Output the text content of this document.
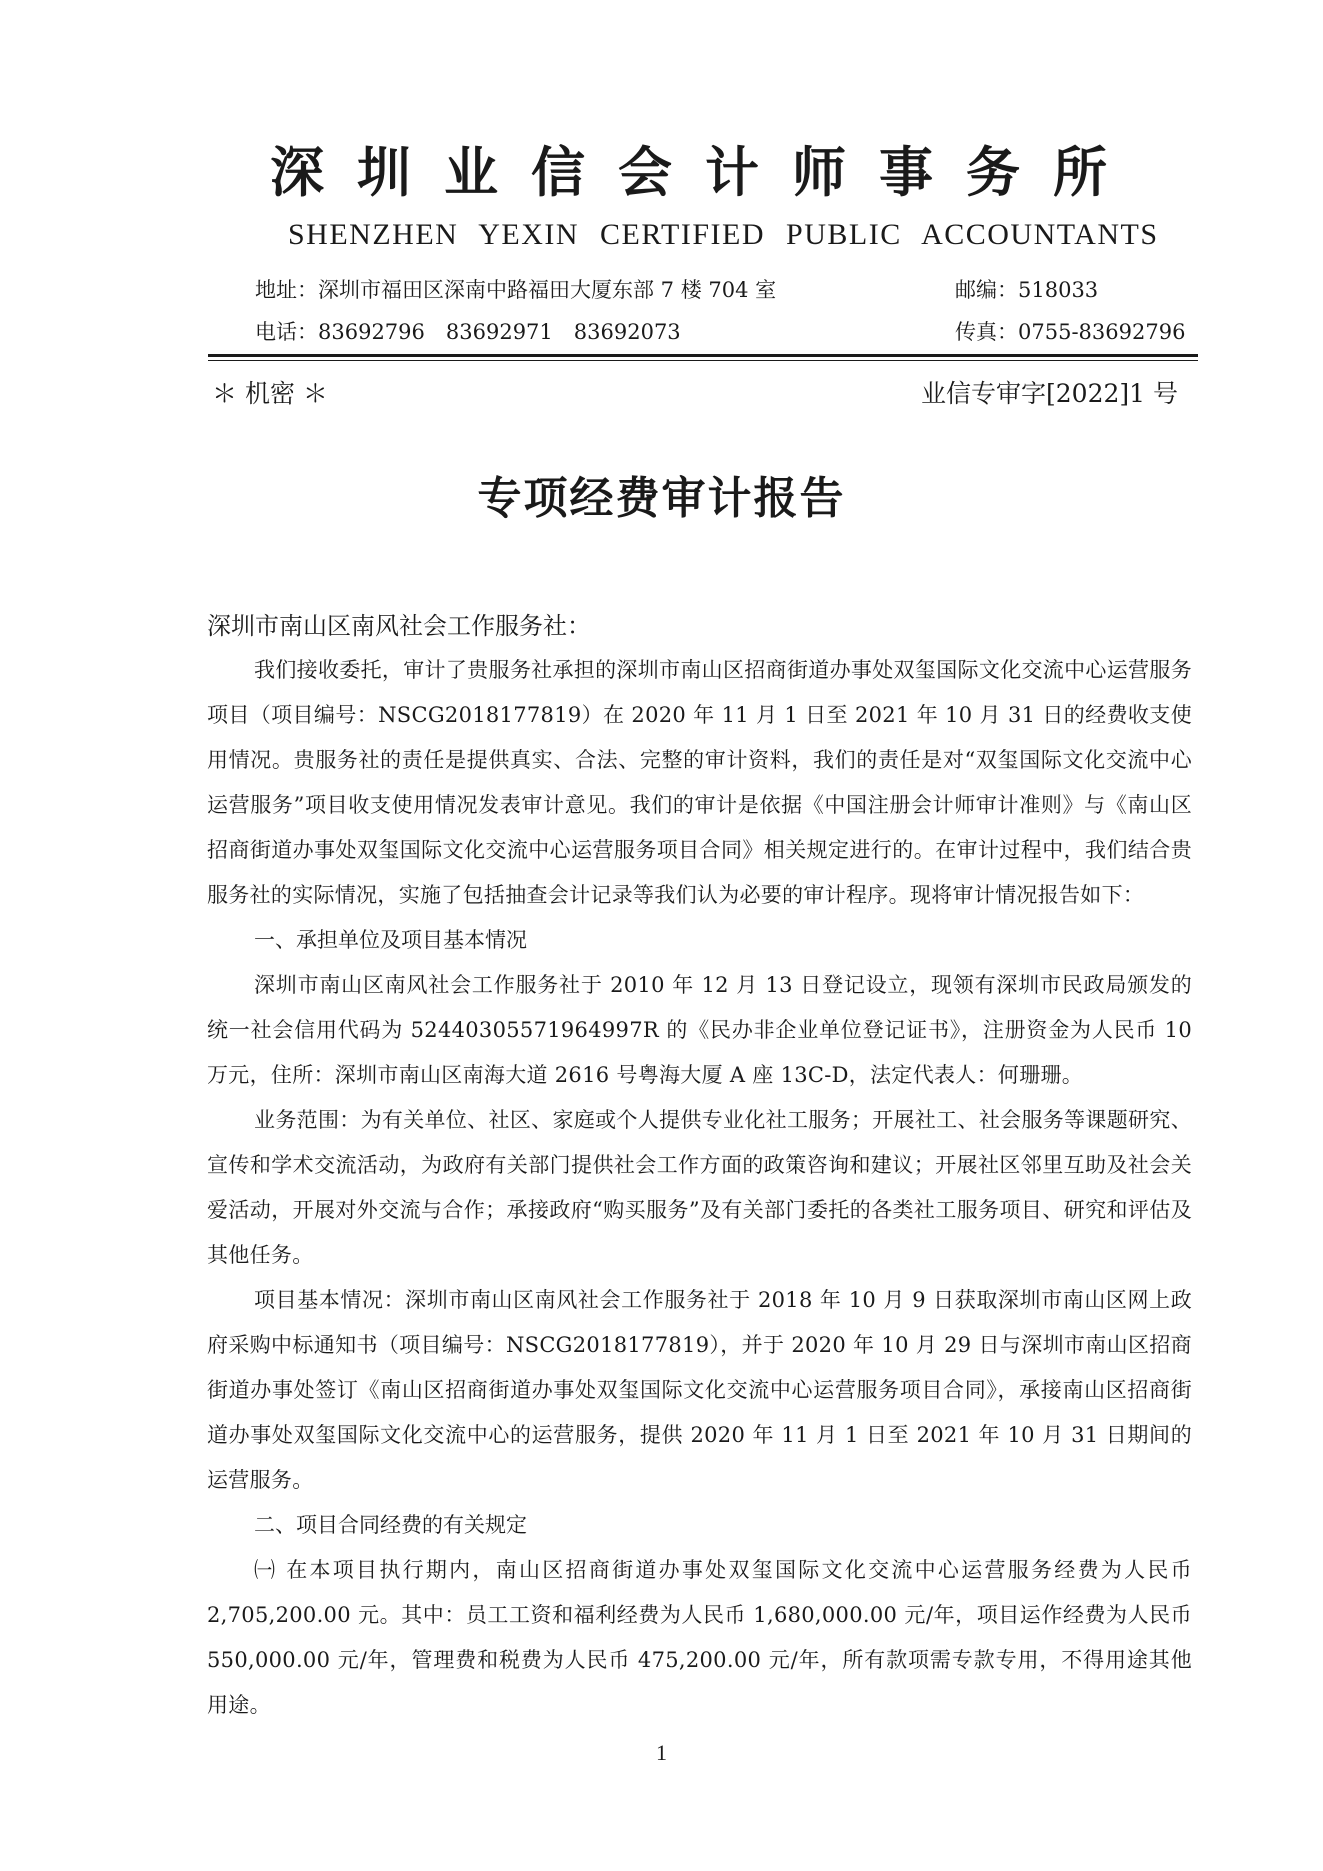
深圳业信会计师事务所
SHENZHEN YEXIN CERTIFIED PUBLIC ACCOUNTANTS
地址：深圳市福田区深南中路福田大厦东部 7 楼 704 室	邮编：518033
电话：83692796　83692971　83692073	传真：0755-83692796
＊ 机密 ＊	业信专审字[2022]1 号
专项经费审计报告

深圳市南山区南风社会工作服务社：

我们接收委托，审计了贵服务社承担的深圳市南山区招商街道办事处双玺国际文化交流中心运营服务项目（项目编号：NSCG2018177819）在 2020 年 11 月 1 日至 2021 年 10 月 31 日的经费收支使用情况。贵服务社的责任是提供真实、合法、完整的审计资料，我们的责任是对“双玺国际文化交流中心运营服务”项目收支使用情况发表审计意见。我们的审计是依据《中国注册会计师审计准则》与《南山区招商街道办事处双玺国际文化交流中心运营服务项目合同》相关规定进行的。在审计过程中，我们结合贵服务社的实际情况，实施了包括抽查会计记录等我们认为必要的审计程序。现将审计情况报告如下：

一、承担单位及项目基本情况

深圳市南山区南风社会工作服务社于 2010 年 12 月 13 日登记设立，现领有深圳市民政局颁发的统一社会信用代码为 52440305571964997R 的《民办非企业单位登记证书》，注册资金为人民币 10 万元，住所：深圳市南山区南海大道 2616 号粤海大厦 A 座 13C-D，法定代表人：何珊珊。

业务范围：为有关单位、社区、家庭或个人提供专业化社工服务；开展社工、社会服务等课题研究、宣传和学术交流活动，为政府有关部门提供社会工作方面的政策咨询和建议；开展社区邻里互助及社会关爱活动，开展对外交流与合作；承接政府“购买服务”及有关部门委托的各类社工服务项目、研究和评估及其他任务。

项目基本情况：深圳市南山区南风社会工作服务社于 2018 年 10 月 9 日获取深圳市南山区网上政府采购中标通知书（项目编号：NSCG2018177819），并于 2020 年 10 月 29 日与深圳市南山区招商街道办事处签订《南山区招商街道办事处双玺国际文化交流中心运营服务项目合同》，承接南山区招商街道办事处双玺国际文化交流中心的运营服务，提供 2020 年 11 月 1 日至 2021 年 10 月 31 日期间的运营服务。

二、项目合同经费的有关规定

㈠ 在本项目执行期内，南山区招商街道办事处双玺国际文化交流中心运营服务经费为人民币 2,705,200.00 元。其中：员工工资和福利经费为人民币 1,680,000.00 元/年，项目运作经费为人民币 550,000.00 元/年，管理费和税费为人民币 475,200.00 元/年，所有款项需专款专用，不得用途其他用途。

1
